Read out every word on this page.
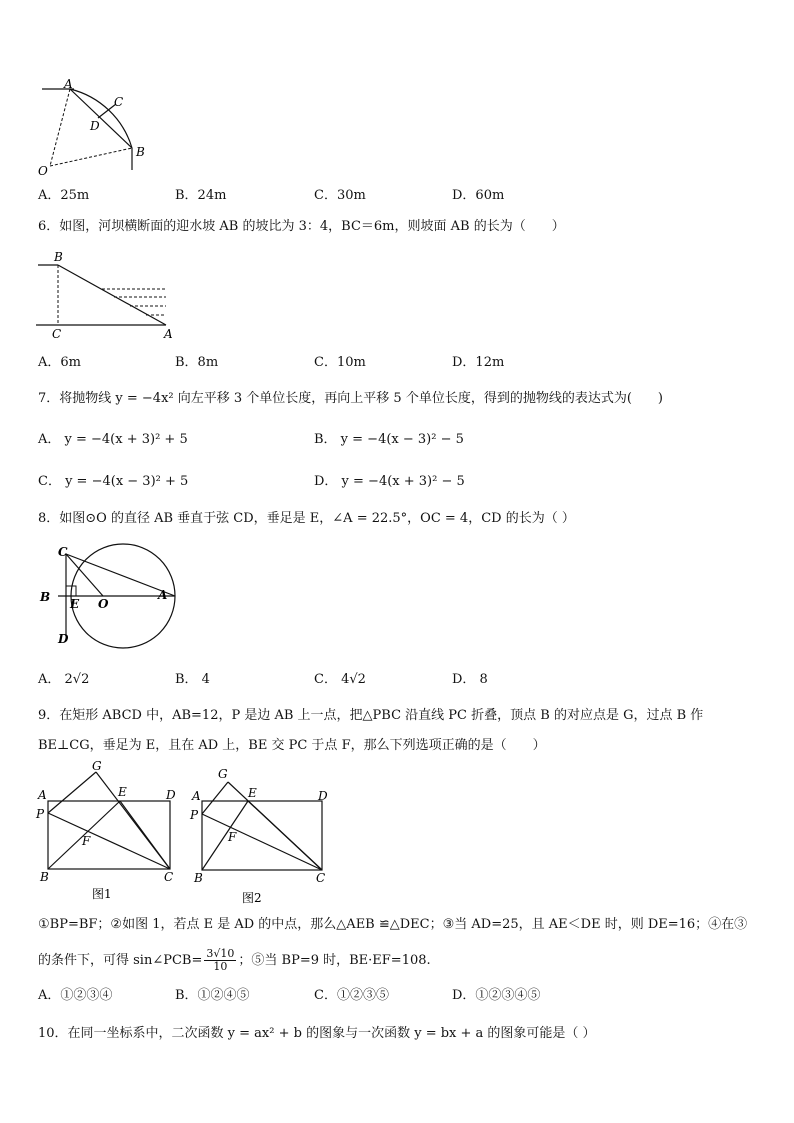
A
C
D
B
O
A．25m	B．24m	C．30m	D．60m
6．如图，河坝横断面的迎水坡 AB 的坡比为 3：4，BC＝6m，则坡面 AB 的长为（　　）
B
C	A
A．6m	B．8m	C．10m	D．12m
7．将抛物线 y = −4x² 向左平移 3 个单位长度，再向上平移 5 个单位长度，得到的抛物线的表达式为(　　)
A． y = −4(x + 3)² + 5	B． y = −4(x − 3)² − 5
C． y = −4(x − 3)² + 5	D． y = −4(x + 3)² − 5
8．如图⊙O 的直径 AB 垂直于弦 CD，垂足是 E，∠A = 22.5°，OC = 4，CD 的长为（ ）
C
B E O
A
D
A． 2√2	B． 4	C． 4√2	D． 8
9．在矩形 ABCD 中，AB=12，P 是边 AB 上一点，把△PBC 沿直线 PC 折叠，顶点 B 的对应点是 G，过点 B 作
BE⊥CG，垂足为 E，且在 AD 上，BE 交 PC 于点 F，那么下列选项正确的是（　　）
G
A	E	D
P
F
B	C
图1
G
A	E	D
P
F
B	C
图2
①BP=BF；②如图 1，若点 E 是 AD 的中点，那么△AEB ≌△DEC；③当 AD=25，且 AE＜DE 时，则 DE=16；④在③
的条件下，可得 sin∠PCB= $\frac{3√10}{10}$ ；⑤当 BP=9 时，BE·EF=108.
A．①②③④	B．①②④⑤	C．①②③⑤	D．①②③④⑤
10．在同一坐标系中，二次函数 y = ax² + b 的图象与一次函数 y = bx + a 的图象可能是（ ）
